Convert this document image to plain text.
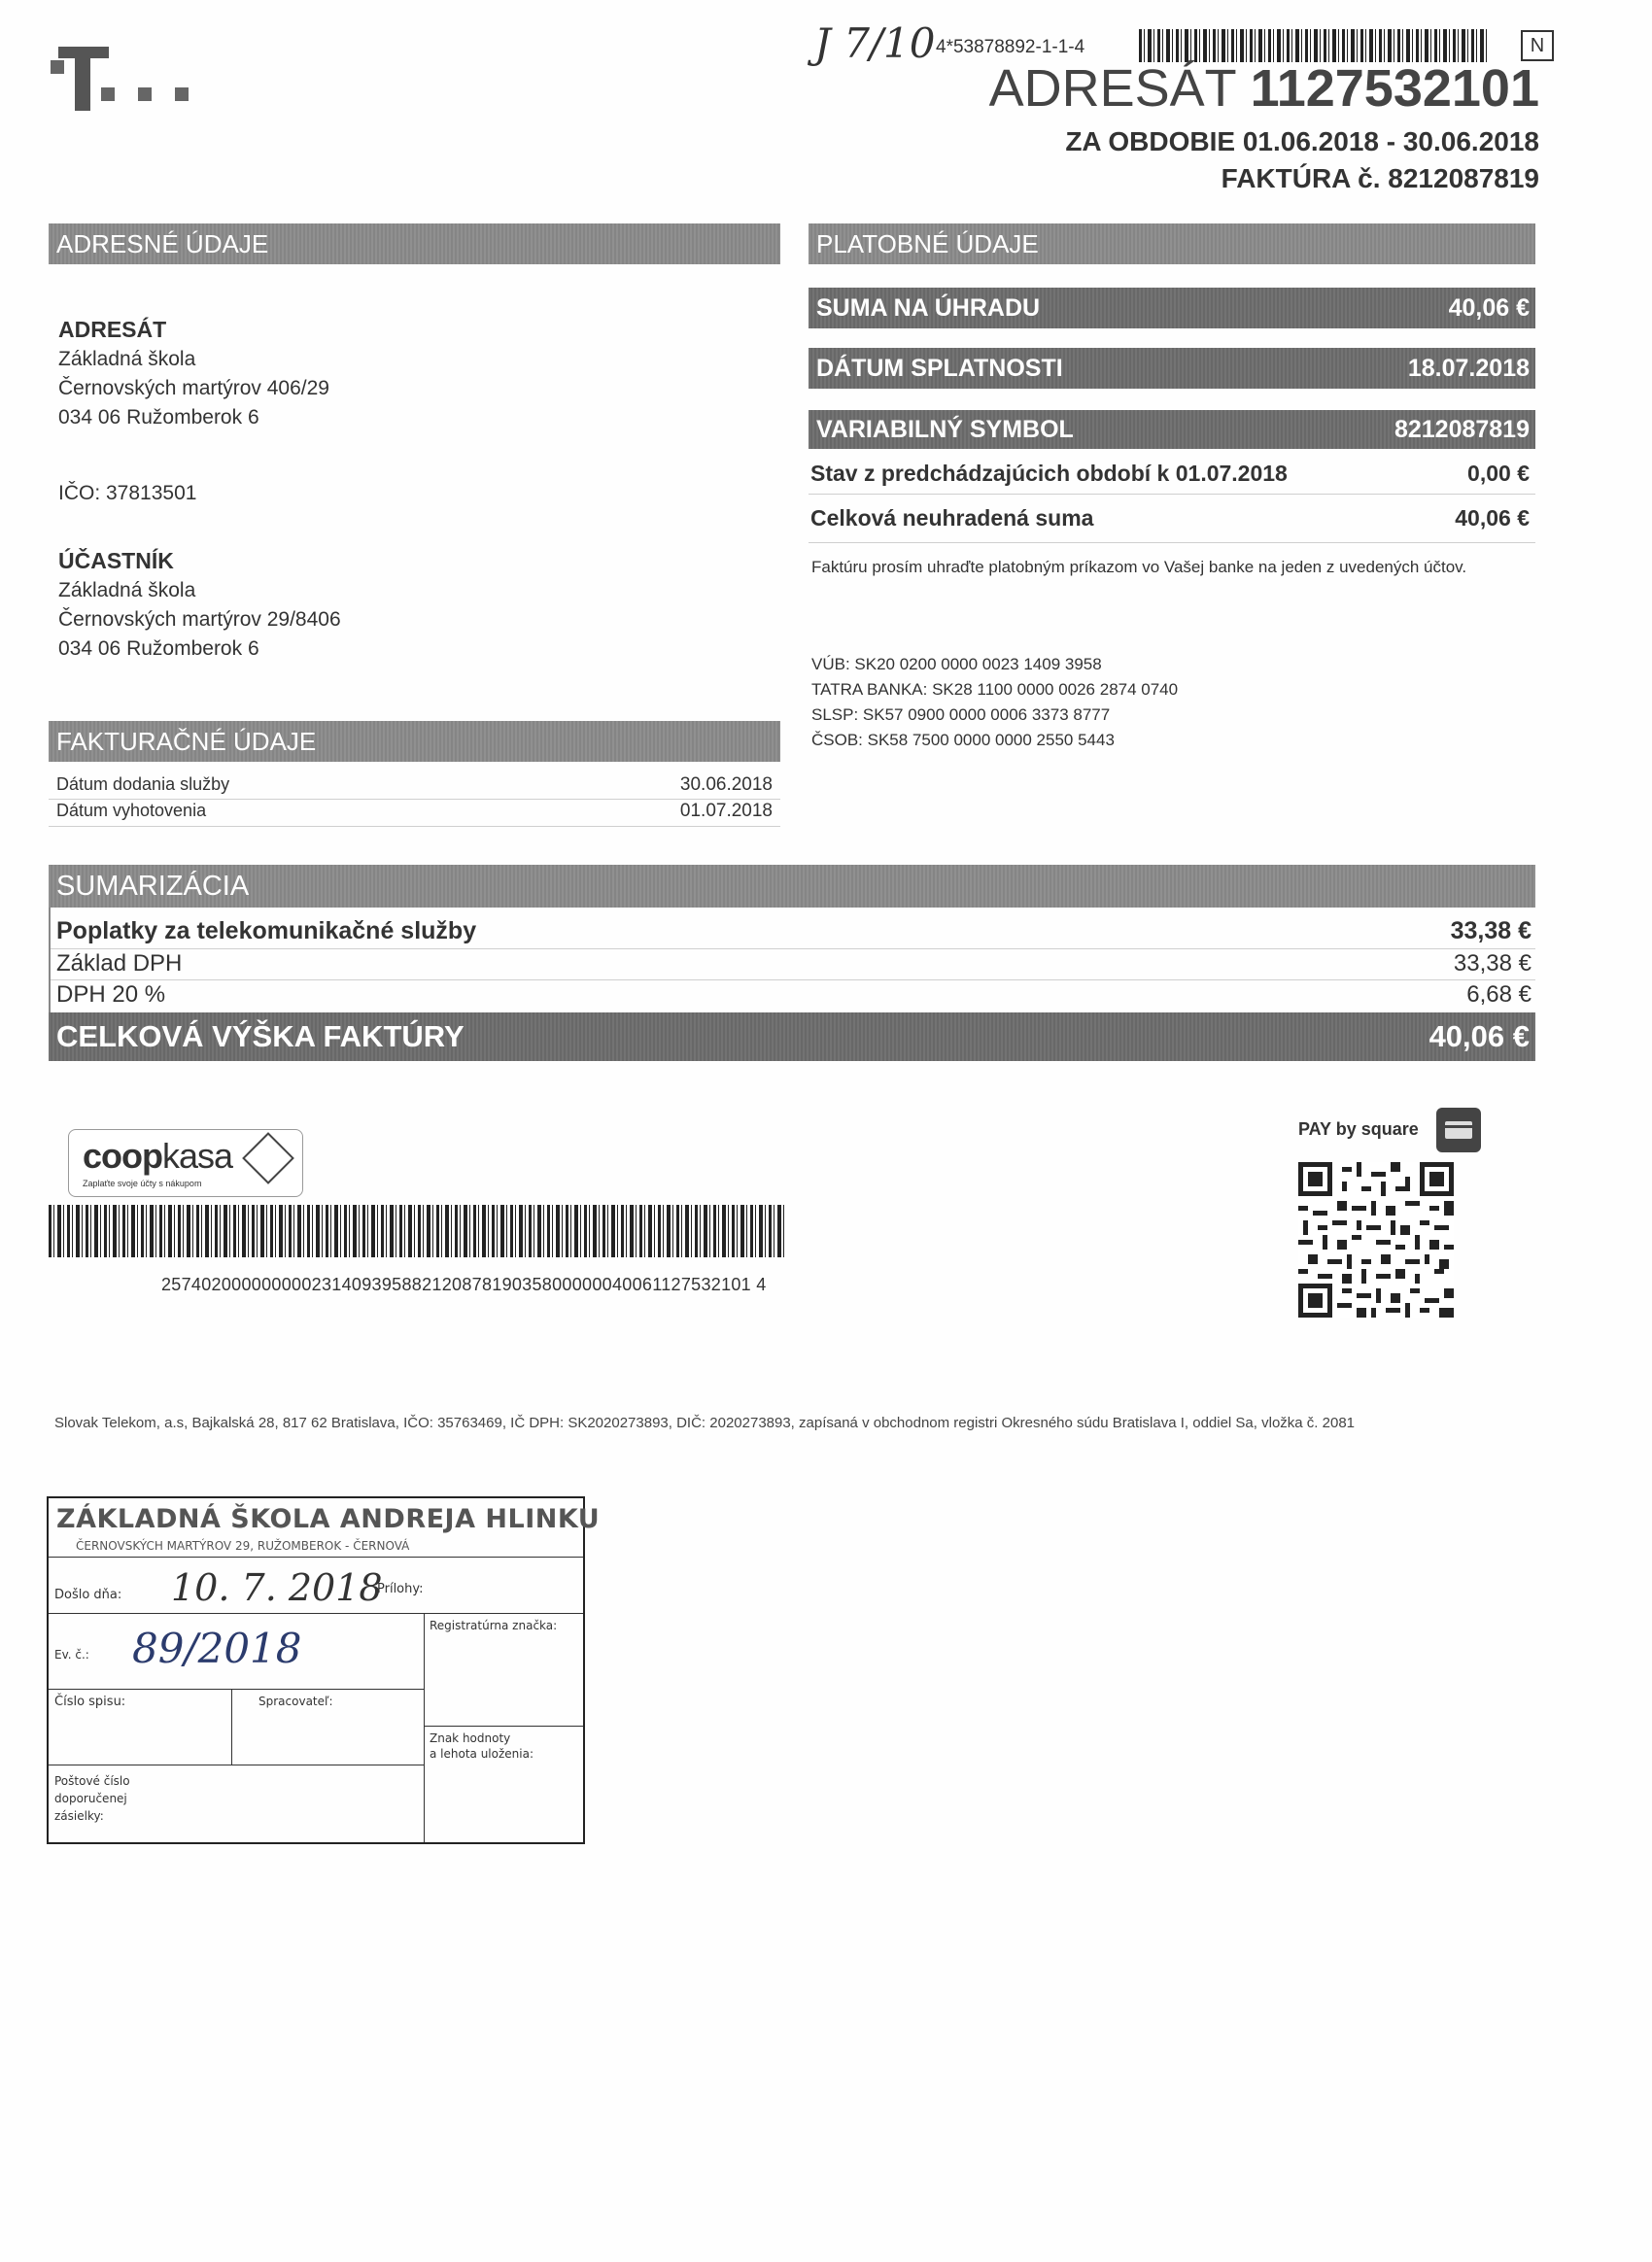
J 7/10 4*53878892-1-1-4	N
ADRESÁT 1127532101
ZA OBDOBIE 01.06.2018 - 30.06.2018
FAKTÚRA č. 8212087819
ADRESNÉ ÚDAJE
ADRESÁT
Základná škola
Černovských martýrov 406/29
034 06 Ružomberok 6
IČO: 37813501
ÚČASTNÍK
Základná škola
Černovských martýrov 29/8406
034 06 Ružomberok 6
FAKTURAČNÉ ÚDAJE
Dátum dodania služby	30.06.2018
Dátum vyhotovenia	01.07.2018
PLATOBNÉ ÚDAJE
SUMA NA ÚHRADU	40,06 €
DÁTUM SPLATNOSTI	18.07.2018
VARIABILNÝ SYMBOL	8212087819
Stav z predchádzajúcich období k 01.07.2018	0,00 €
Celková neuhradená suma	40,06 €
Faktúru prosím uhraďte platobným príkazom vo Vašej banke na jeden z uvedených účtov.
VÚB: SK20 0200 0000 0023 1409 3958
TATRA BANKA: SK28 1100 0000 0026 2874 0740
SLSP: SK57 0900 0000 0006 3373 8777
ČSOB: SK58 7500 0000 0000 2550 5443
SUMARIZÁCIA
Poplatky za telekomunikačné služby	33,38 €
Základ DPH	33,38 €
DPH 20 %	6,68 €
CELKOVÁ VÝŠKA FAKTÚRY	40,06 €
coopkasa
Zaplaťte svoje účty s nákupom
25740200000000023140939588212087819035800000040061127532101 4
PAY by square
Slovak Telekom, a.s, Bajkalská 28, 817 62 Bratislava, IČO: 35763469, IČ DPH: SK2020273893, DIČ: 2020273893, zapísaná v obchodnom registri Okresného súdu Bratislava I, oddiel Sa, vložka č. 2081
ZÁKLADNÁ ŠKOLA ANDREJA HLINKU
ČERNOVSKÝCH MARTÝROV 29, RUŽOMBEROK - ČERNOVÁ
Došlo dňa: 10. 7. 2018
Prílohy:
Registratúrna značka:
Ev. č.: 89/2018
Číslo spisu:	Spracovateľ:
Znak hodnoty
a lehota uloženia:
Poštové číslo
doporučenej
zásielky:
